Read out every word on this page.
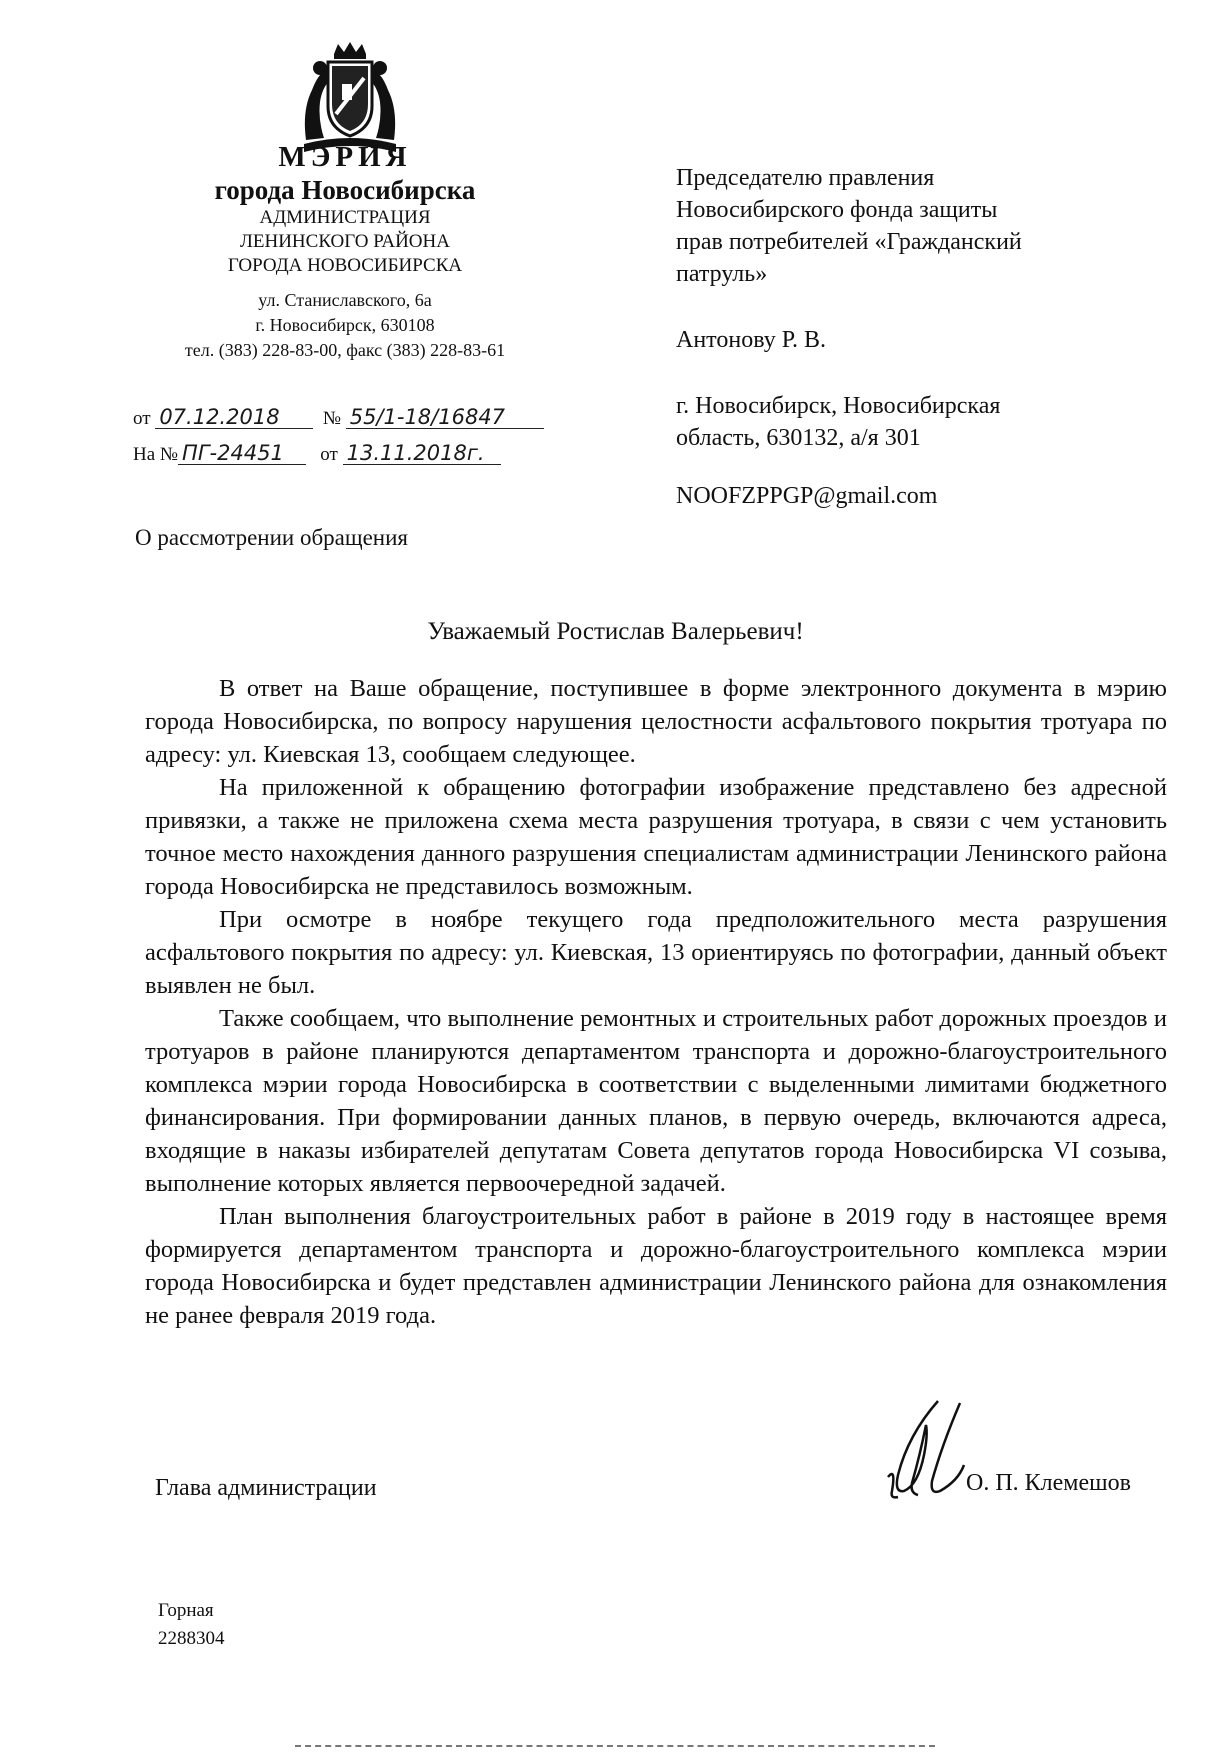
МЭРИЯ
города Новосибирска
АДМИНИСТРАЦИЯ
ЛЕНИНСКОГО РАЙОНА
ГОРОДА НОВОСИБИРСКА
ул. Станиславского, 6а
г. Новосибирск, 630108
тел. (383) 228-83-00, факс (383) 228-83-61
от 07.12.2018 № 55/1-18/16847
На № ПГ-24451 от 13.11.2018г.
О рассмотрении обращения
Председателю правления
Новосибирского фонда защиты
прав потребителей «Гражданский
патруль»
Антонову Р. В.
г. Новосибирск, Новосибирская
область, 630132, а/я 301
NOOFZPPGP@gmail.com
Уважаемый Ростислав Валерьевич!

В ответ на Ваше обращение, поступившее в форме электронного документа в мэрию города Новосибирска, по вопросу нарушения целостности асфальтового покрытия тротуара по адресу: ул. Киевская 13, сообщаем следующее.

На приложенной к обращению фотографии изображение представлено без адресной привязки, а также не приложена схема места разрушения тротуара, в связи с чем установить точное место нахождения данного разрушения специалистам администрации Ленинского района города Новосибирска не представилось возможным.

При осмотре в ноябре текущего года предположительного места разрушения асфальтового покрытия по адресу: ул. Киевская, 13 ориентируясь по фотографии, данный объект выявлен не был.

Также сообщаем, что выполнение ремонтных и строительных работ дорожных проездов и тротуаров в районе планируются департаментом транспорта и дорожно-благоустроительного комплекса мэрии города Новосибирска в соответствии с выделенными лимитами бюджетного финансирования. При формировании данных планов, в первую очередь, включаются адреса, входящие в наказы избирателей депутатам Совета депутатов города Новосибирска VI созыва, выполнение которых является первоочередной задачей.

План выполнения благоустроительных работ в районе в 2019 году в настоящее время формируется департаментом транспорта и дорожно-благоустроительного комплекса мэрии города Новосибирска и будет представлен администрации Ленинского района для ознакомления не ранее февраля 2019 года.

Глава администрации	О. П. Клемешов
Горная
2288304
